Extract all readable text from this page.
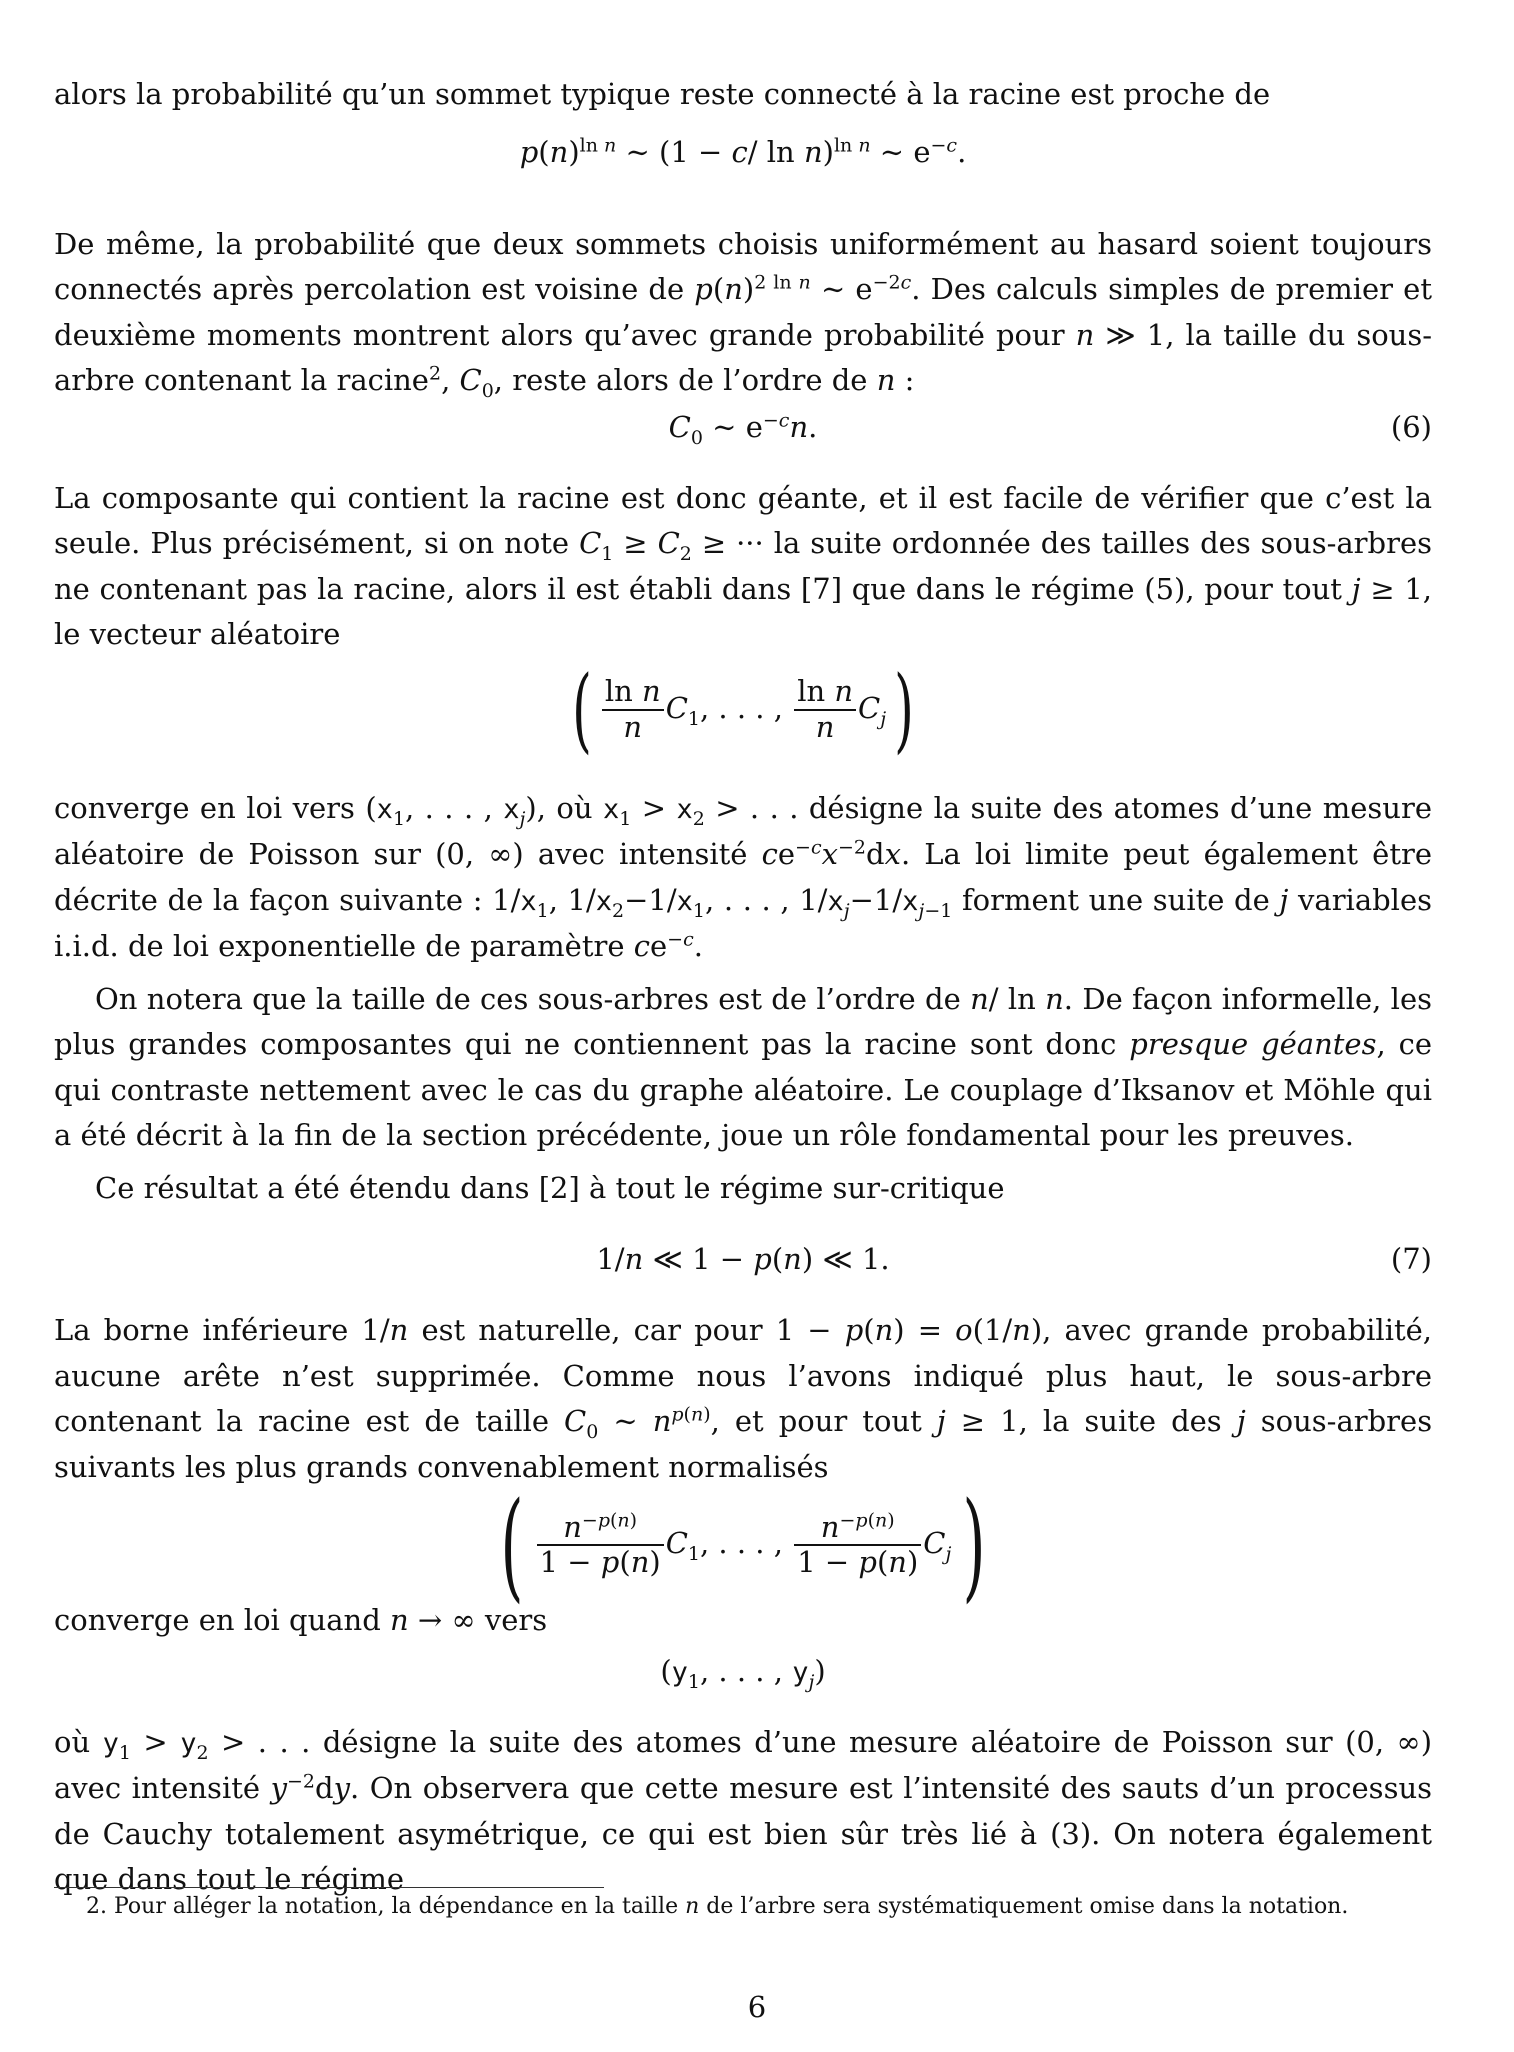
alors la probabilité qu’un sommet typique reste connecté à la racine est proche de

$p(n)^{ln n}$ ∼ (1 − c/ ln n)$^{ln n}$ ∼ $e^{-c}$.

De même, la probabilité que deux sommets choisis uniformément au hasard soient toujours connectés après percolation est voisine de $p(n)^{2 ln n}$ ∼ $e^{-2c}$. Des calculs simples de premier et deuxième moments montrent alors qu’avec grande probabilité pour n ≫ 1, la taille du sous-arbre contenant la racine$^2$, $C_0$, reste alors de l’ordre de n :

$C_0$ ∼ $e^{-c}n$.	(6)

La composante qui contient la racine est donc géante, et il est facile de vérifier que c’est la seule. Plus précisément, si on note $C_1 \ge C_2$ ≥ ··· la suite ordonnée des tailles des sous-arbres ne contenant pas la racine, alors il est établi dans [7] que dans le régime (5), pour tout j ≥ 1, le vecteur aléatoire

( $\frac{\text{ln n}}{n} C_1$, . . . , $\frac{\text{ln n}}{n} C_j$)

converge en loi vers ($x_1$, . . . , $x_j$), où $x_1 > x_2$ > . . . désigne la suite des atomes d’une mesure aléatoire de Poisson sur (0, ∞) avec intensité $ce^{-c}x^{-2}dx$. La loi limite peut également être décrite de la façon suivante : $1/x_1$, $1/x_2-1/x_1$, . . . , $1/x_j-1/x_{j-1}$ forment une suite de j variables i.i.d. de loi exponentielle de paramètre $ce^{-c}$.

On notera que la taille de ces sous-arbres est de l’ordre de n/ ln n. De façon informelle, les plus grandes composantes qui ne contiennent pas la racine sont donc presque géantes, ce qui contraste nettement avec le cas du graphe aléatoire. Le couplage d’Iksanov et Möhle qui a été décrit à la fin de la section précédente, joue un rôle fondamental pour les preuves.

Ce résultat a été étendu dans [2] à tout le régime sur-critique

1/n ≪ 1 − p(n) ≪ 1.	(7)

La borne inférieure 1/n est naturelle, car pour 1 − p(n) = o(1/n), avec grande probabilité, aucune arête n’est supprimée. Comme nous l’avons indiqué plus haut, le sous-arbre contenant la racine est de taille $C_0$ ∼ $n^{p(n)}$, et pour tout j ≥ 1, la suite des j sous-arbres suivants les plus grands convenablement normalisés

( $\frac{n^{-p(n)}}{1 - p(n)} C_1$, . . . , $\frac{n^{-p(n)}}{1 - p(n)} C_j$)

converge en loi quand n → ∞ vers

($y_1$, . . . , $y_j$)

où $y_1 > y_2$ > . . . désigne la suite des atomes d’une mesure aléatoire de Poisson sur (0, ∞) avec intensité $y^{-2}dy$. On observera que cette mesure est l’intensité des sauts d’un processus de Cauchy totalement asymétrique, ce qui est bien sûr très lié à (3). On notera également que dans tout le régime

2. Pour alléger la notation, la dépendance en la taille n de l’arbre sera systématiquement omise dans la notation.
6
